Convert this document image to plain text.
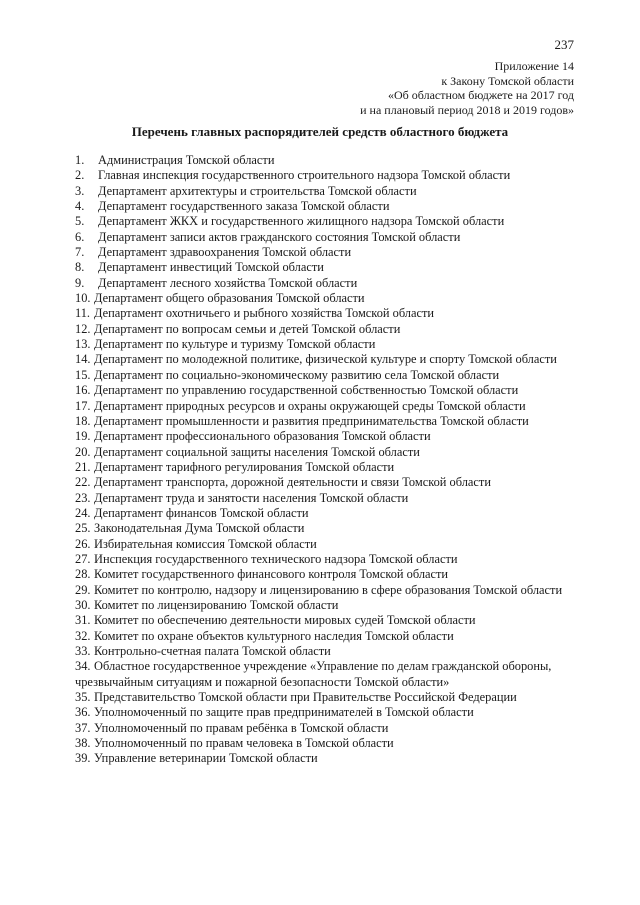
237
Приложение 14
к Закону Томской области
«Об областном бюджете на 2017 год
и на плановый период 2018 и 2019 годов»
Перечень главных распорядителей средств областного бюджета
1. Администрация Томской области
2. Главная инспекция государственного строительного надзора Томской области
3. Департамент архитектуры и строительства Томской области
4. Департамент государственного заказа Томской области
5. Департамент ЖКХ и государственного жилищного надзора Томской области
6. Департамент записи актов гражданского состояния Томской области
7. Департамент здравоохранения Томской области
8. Департамент инвестиций Томской области
9. Департамент лесного хозяйства Томской области
10. Департамент общего образования Томской области
11. Департамент охотничьего и рыбного хозяйства Томской области
12. Департамент по вопросам семьи и детей Томской области
13. Департамент по культуре и туризму Томской области
14. Департамент по молодежной политике, физической культуре и спорту Томской области
15. Департамент по социально-экономическому развитию села Томской области
16. Департамент по управлению государственной собственностью Томской области
17. Департамент природных ресурсов и охраны окружающей среды Томской области
18. Департамент промышленности и развития предпринимательства Томской области
19. Департамент профессионального образования Томской области
20. Департамент социальной защиты населения Томской области
21. Департамент тарифного регулирования Томской области
22. Департамент транспорта, дорожной деятельности и связи Томской области
23. Департамент труда и занятости населения Томской области
24. Департамент финансов Томской области
25. Законодательная Дума Томской области
26. Избирательная комиссия Томской области
27. Инспекция государственного технического надзора Томской области
28. Комитет государственного финансового контроля Томской области
29. Комитет по контролю, надзору и лицензированию в сфере образования Томской области
30. Комитет по лицензированию Томской области
31. Комитет по обеспечению деятельности мировых судей Томской области
32. Комитет по охране объектов культурного наследия Томской области
33. Контрольно-счетная палата Томской области
34. Областное государственное учреждение «Управление по делам гражданской обороны, чрезвычайным ситуациям и пожарной безопасности Томской области»
35. Представительство Томской области при Правительстве Российской Федерации
36. Уполномоченный по защите прав предпринимателей в Томской области
37. Уполномоченный по правам ребёнка в Томской области
38. Уполномоченный по правам человека в Томской области
39. Управление ветеринарии Томской области
